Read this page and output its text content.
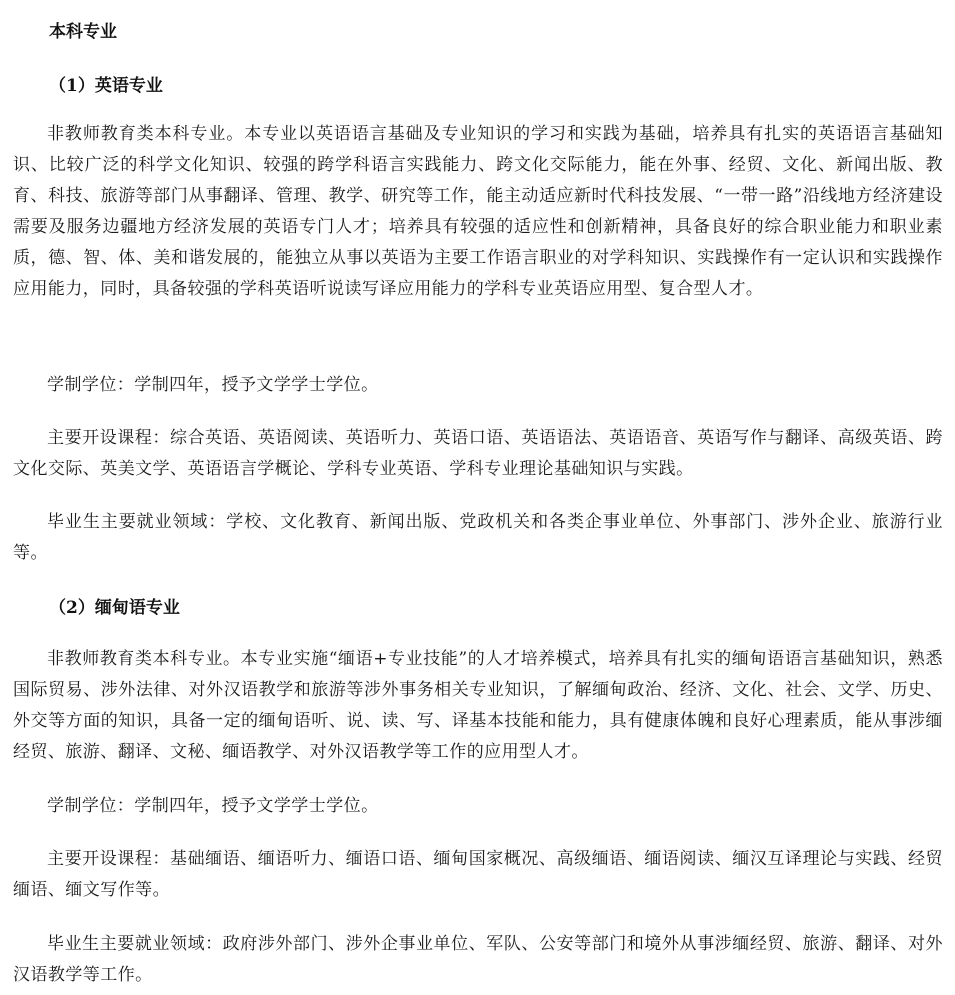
本科专业
（1）英语专业

非教师教育类本科专业。本专业以英语语言基础及专业知识的学习和实践为基础，培养具有扎实的英语语言基础知识、比较广泛的科学文化知识、较强的跨学科语言实践能力、跨文化交际能力，能在外事、经贸、文化、新闻出版、教育、科技、旅游等部门从事翻译、管理、教学、研究等工作，能主动适应新时代科技发展、“一带一路”沿线地方经济建设需要及服务边疆地方经济发展的英语专门人才；培养具有较强的适应性和创新精神，具备良好的综合职业能力和职业素质，德、智、体、美和谐发展的，能独立从事以英语为主要工作语言职业的对学科知识、实践操作有一定认识和实践操作应用能力，同时，具备较强的学科英语听说读写译应用能力的学科专业英语应用型、复合型人才。

学制学位：学制四年，授予文学学士学位。

主要开设课程：综合英语、英语阅读、英语听力、英语口语、英语语法、英语语音、英语写作与翻译、高级英语、跨文化交际、英美文学、英语语言学概论、学科专业英语、学科专业理论基础知识与实践。

毕业生主要就业领域：学校、文化教育、新闻出版、党政机关和各类企事业单位、外事部门、涉外企业、旅游行业等。

（2）缅甸语专业

非教师教育类本科专业。本专业实施“缅语+专业技能”的人才培养模式，培养具有扎实的缅甸语语言基础知识，熟悉国际贸易、涉外法律、对外汉语教学和旅游等涉外事务相关专业知识，了解缅甸政治、经济、文化、社会、文学、历史、外交等方面的知识，具备一定的缅甸语听、说、读、写、译基本技能和能力，具有健康体魄和良好心理素质，能从事涉缅经贸、旅游、翻译、文秘、缅语教学、对外汉语教学等工作的应用型人才。

学制学位：学制四年，授予文学学士学位。

主要开设课程：基础缅语、缅语听力、缅语口语、缅甸国家概况、高级缅语、缅语阅读、缅汉互译理论与实践、经贸缅语、缅文写作等。

毕业生主要就业领域：政府涉外部门、涉外企事业单位、军队、公安等部门和境外从事涉缅经贸、旅游、翻译、对外汉语教学等工作。
